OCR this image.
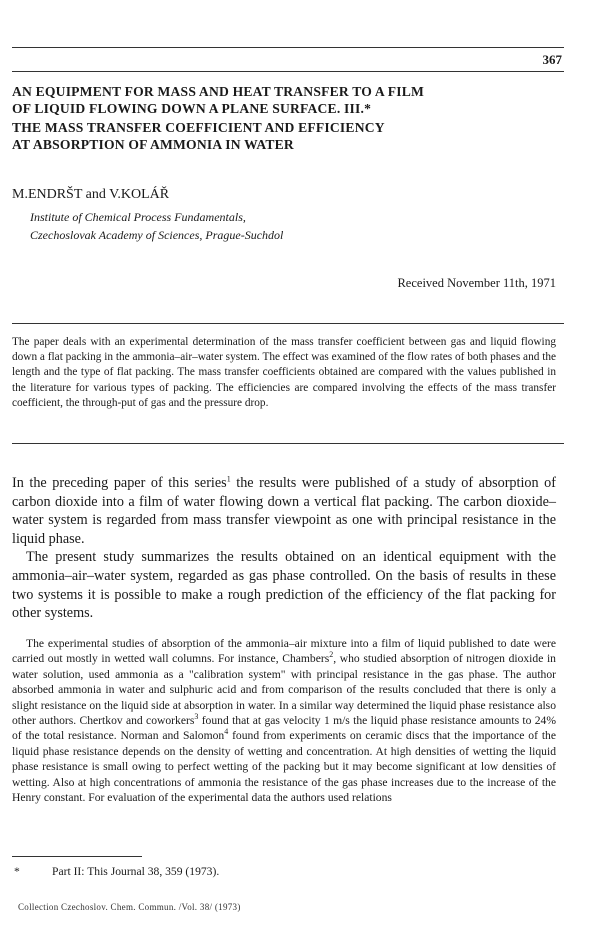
367
AN EQUIPMENT FOR MASS AND HEAT TRANSFER TO A FILM
OF LIQUID FLOWING DOWN A PLANE SURFACE. III.*
THE MASS TRANSFER COEFFICIENT AND EFFICIENCY
AT ABSORPTION OF AMMONIA IN WATER
M.ENDRŠT and V.KOLÁŘ
Institute of Chemical Process Fundamentals,
Czechoslovak Academy of Sciences, Prague-Suchdol
Received November 11th, 1971

The paper deals with an experimental determination of the mass transfer coefficient between gas and liquid flowing down a flat packing in the ammonia–air–water system. The effect was examined of the flow rates of both phases and the length and the type of flat packing. The mass transfer coefficients obtained are compared with the values published in the literature for various types of packing. The efficiencies are compared involving the effects of the mass transfer coefficient, the through-put of gas and the pressure drop.

In the preceding paper of this series$^1$ the results were published of a study of absorption of carbon dioxide into a film of water flowing down a vertical flat packing. The carbon dioxide–water system is regarded from mass transfer viewpoint as one with principal resistance in the liquid phase.

The present study summarizes the results obtained on an identical equipment with the ammonia–air–water system, regarded as gas phase controlled. On the basis of results in these two systems it is possible to make a rough prediction of the efficiency of the flat packing for other systems.

The experimental studies of absorption of the ammonia–air mixture into a film of liquid published to date were carried out mostly in wetted wall columns. For instance, Chambers$^2$, who studied absorption of nitrogen dioxide in water solution, used ammonia as a "calibration system" with principal resistance in the gas phase. The author absorbed ammonia in water and sulphuric acid and from comparison of the results concluded that there is only a slight resistance on the liquid side at absorption in water. In a similar way determined the liquid phase resistance also other authors. Chertkov and coworkers$^3$ found that at gas velocity 1 m/s the liquid phase resistance amounts to 24% of the total resistance. Norman and Salomon$^4$ found from experiments on ceramic discs that the importance of the liquid phase resistance depends on the density of wetting and concentration. At high densities of wetting the liquid phase resistance is small owing to perfect wetting of the packing but it may become significant at low densities of wetting. Also at high concentrations of ammonia the resistance of the gas phase increases due to the increase of the Henry constant. For evaluation of the experimental data the authors used relations

*	Part II: This Journal 38, 359 (1973).
Collection Czechoslov. Chem. Commun. /Vol. 38/ (1973)
